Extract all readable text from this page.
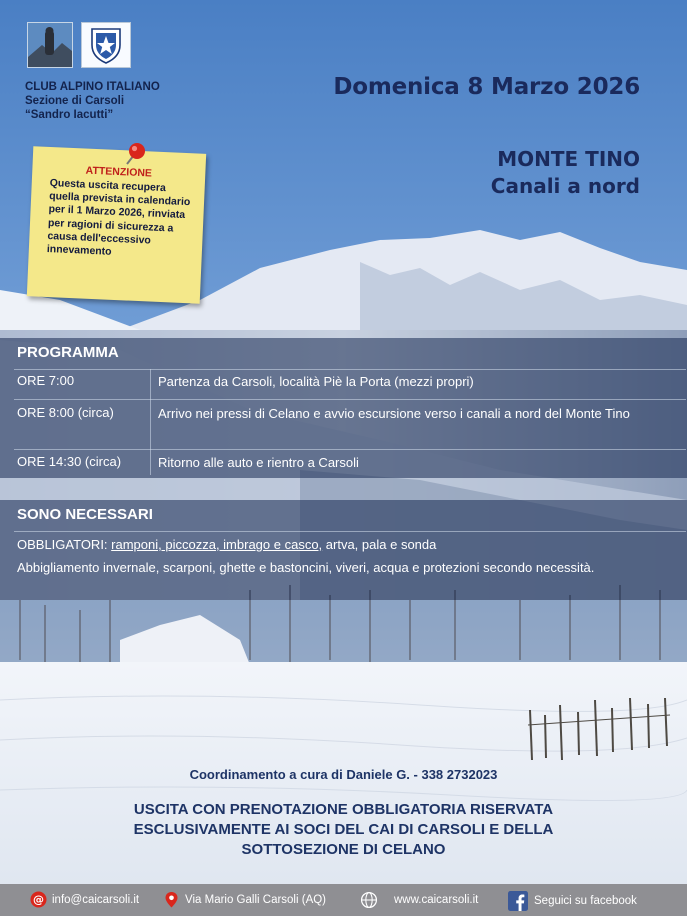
CLUB ALPINO ITALIANO
Sezione di Carsoli
“Sandro Iacutti”
Domenica 8 Marzo 2026
MONTE TINO
Canali a nord
ATTENZIONE
Questa uscita recupera quella prevista in calendario per il 1 Marzo 2026, rinviata per ragioni di sicurezza a causa dell'eccessivo innevamento
PROGRAMMA
ORE 7:00	Partenza da Carsoli, località Piè la Porta (mezzi propri)
ORE 8:00 (circa)	Arrivo nei pressi di Celano e avvio escursione verso i canali a nord del Monte Tino
ORE 14:30 (circa)	Ritorno alle auto e rientro a Carsoli
SONO NECESSARI
OBBLIGATORI: ramponi, piccozza, imbrago e casco, artva, pala e sonda
Abbigliamento invernale, scarponi, ghette e bastoncini, viveri, acqua e protezioni secondo necessità.
Coordinamento a cura di Daniele G. - 338 2732023
USCITA CON PRENOTAZIONE OBBLIGATORIA RISERVATA
ESCLUSIVAMENTE AI SOCI DEL CAI DI CARSOLI E DELLA
SOTTOSEZIONE DI CELANO
@ info@caicarsoli.it	Via Mario Galli Carsoli (AQ)	www.caicarsoli.it	Seguici su facebook
